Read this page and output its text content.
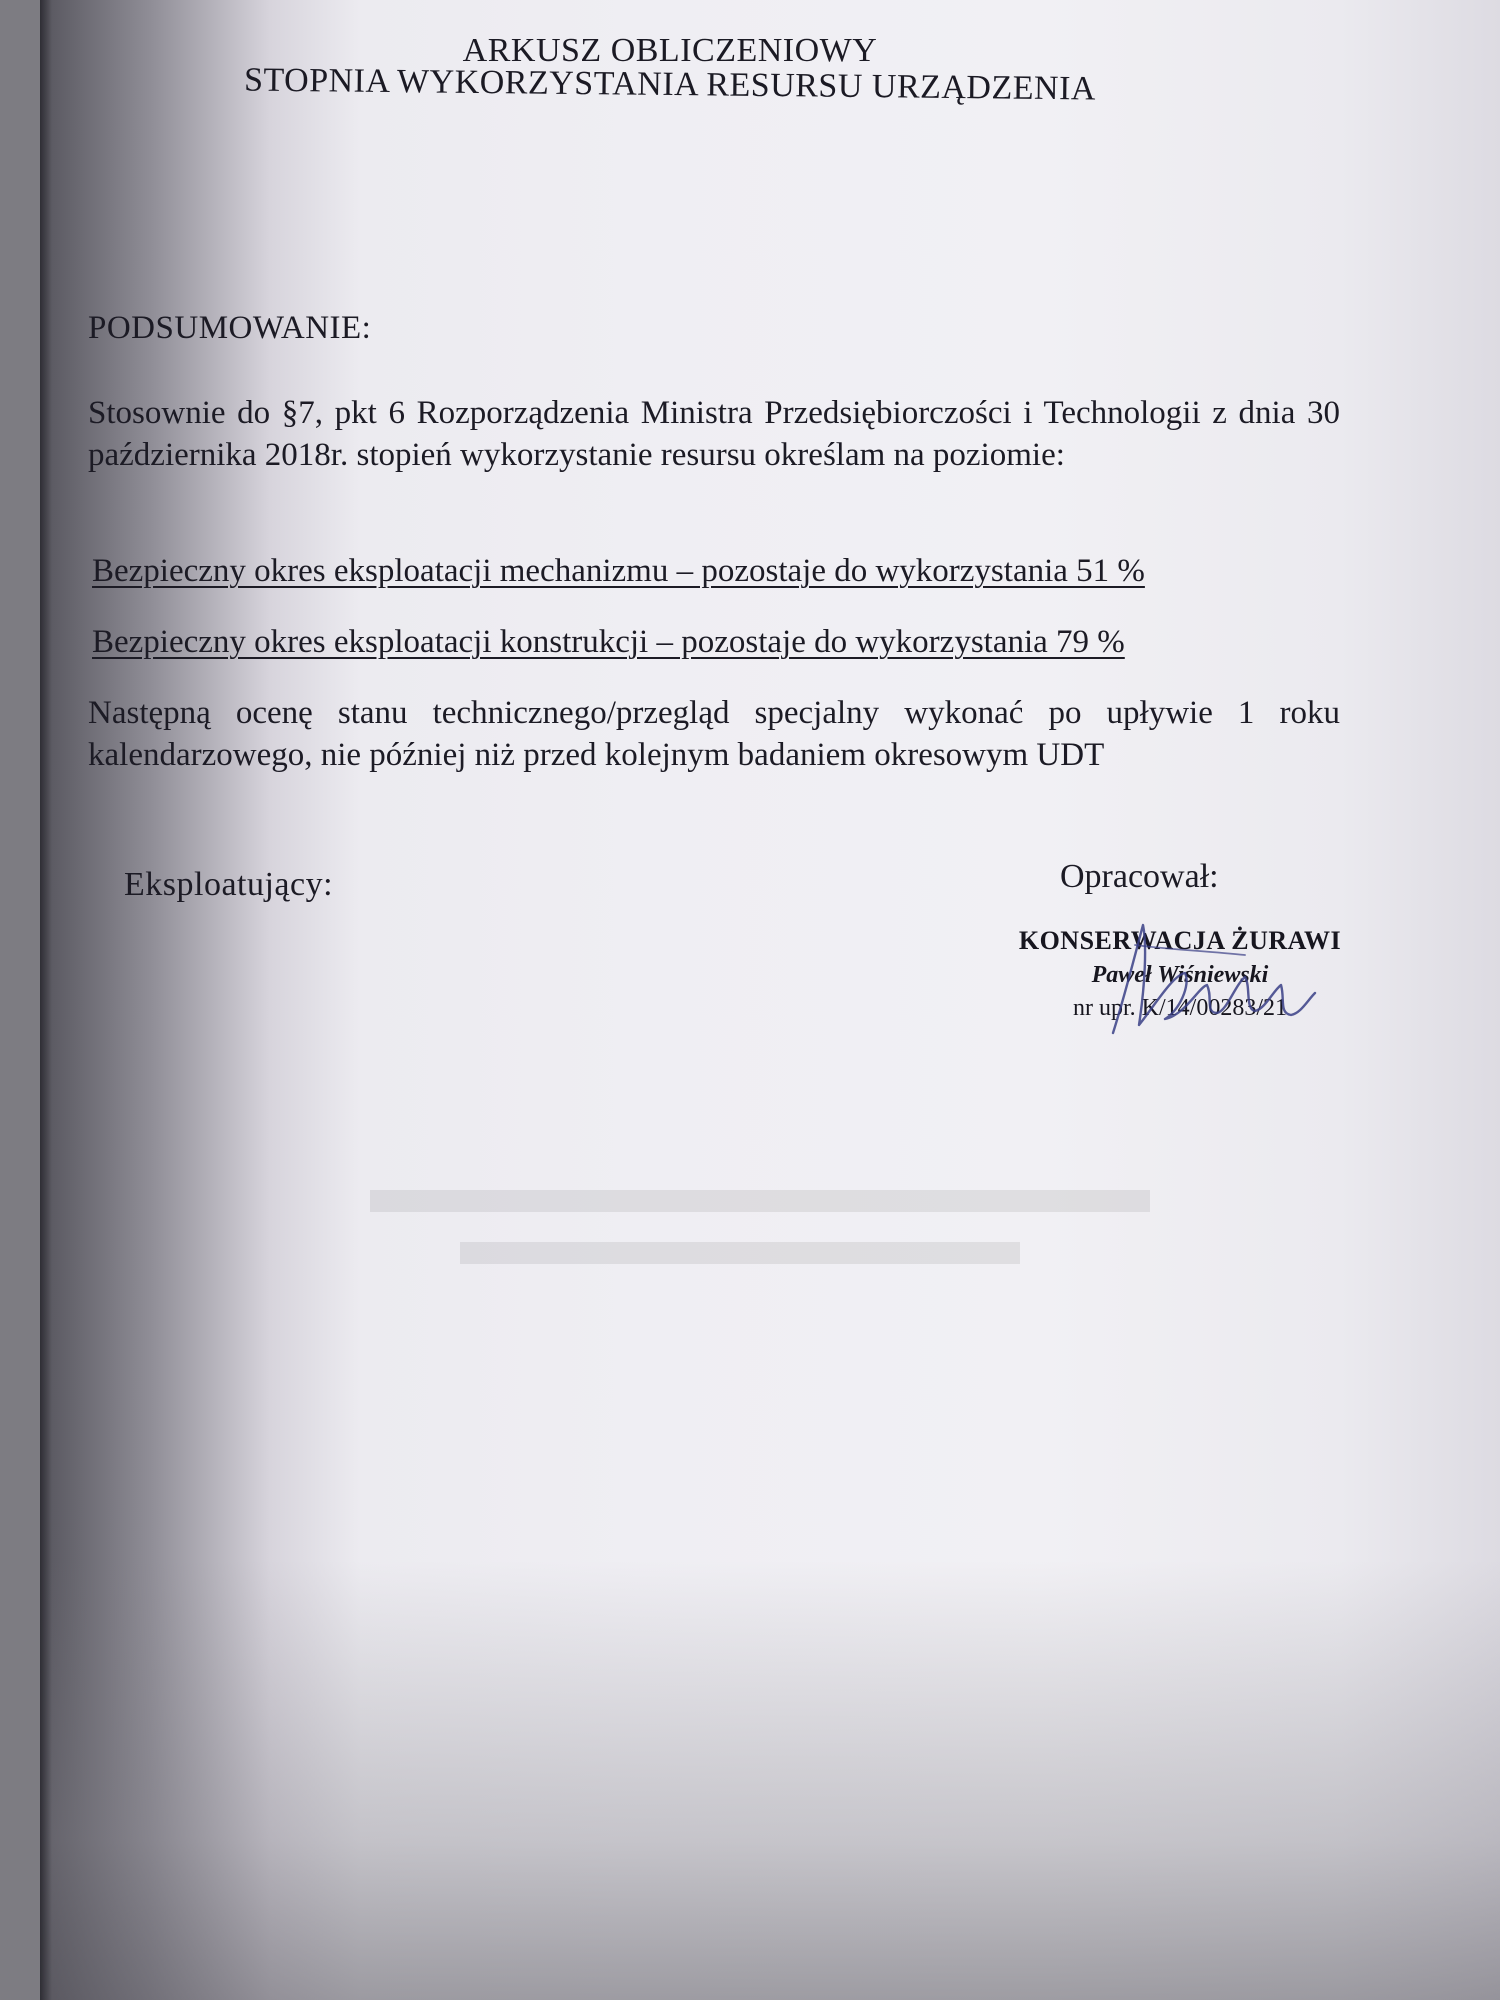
ARKUSZ OBLICZENIOWY
STOPNIA WYKORZYSTANIA RESURSU URZĄDZENIA
PODSUMOWANIE:
Stosownie do §7, pkt 6 Rozporządzenia Ministra Przedsiębiorczości i Technologii z dnia 30 października 2018r. stopień wykorzystanie resursu określam na poziomie:
Bezpieczny okres eksploatacji mechanizmu – pozostaje do wykorzystania 51 %
Bezpieczny okres eksploatacji konstrukcji – pozostaje do wykorzystania 79 %
Następną ocenę stanu technicznego/przegląd specjalny wykonać po upływie 1 roku kalendarzowego, nie później niż przed kolejnym badaniem okresowym UDT
Eksploatujący:	Opracował:
KONSERWACJA ŻURAWI
Paweł Wiśniewski
nr upr. K/14/00283/21
